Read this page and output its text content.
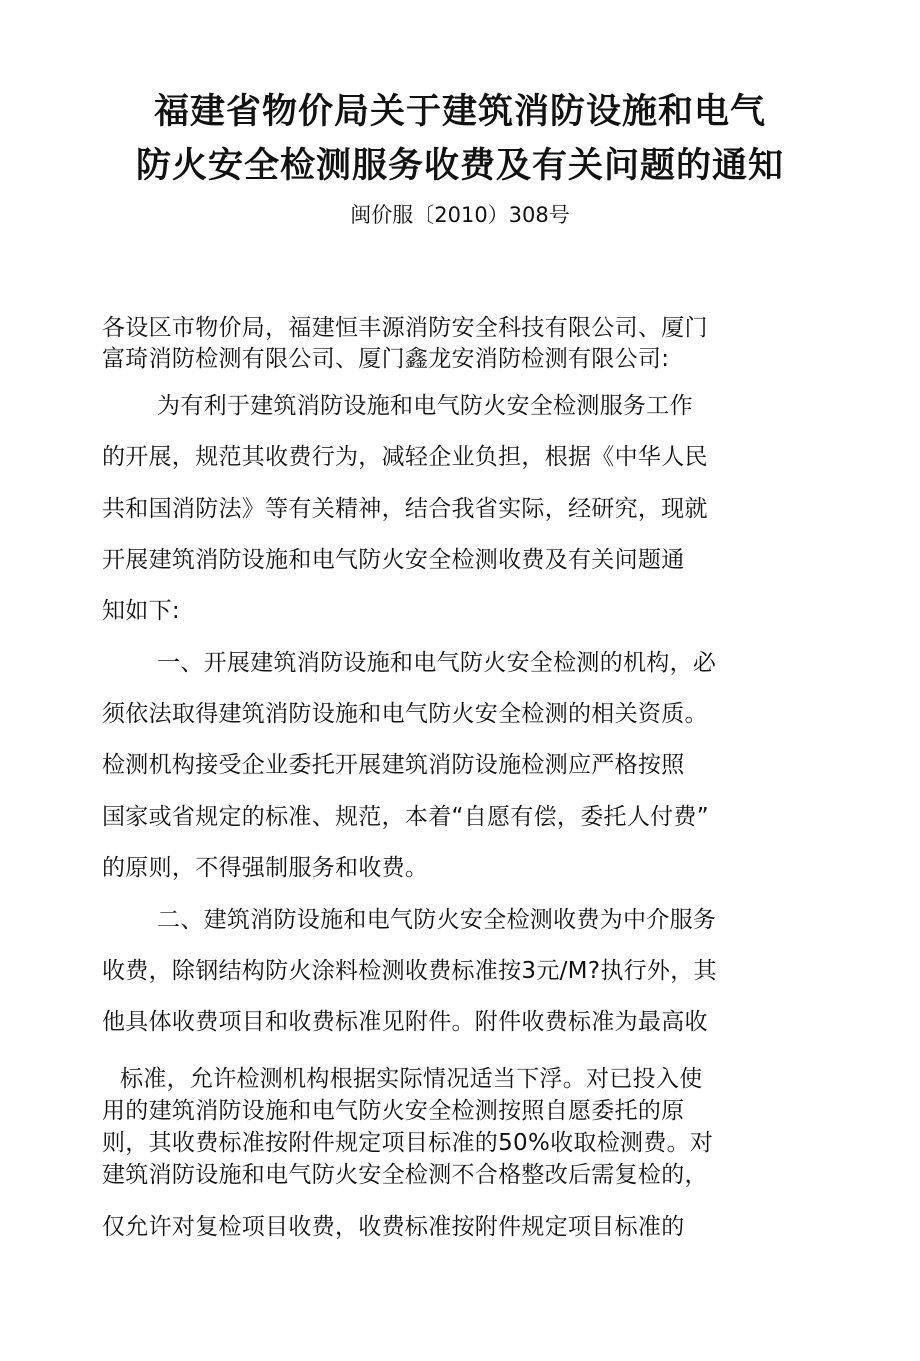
福建省物价局关于建筑消防设施和电气
防火安全检测服务收费及有关问题的通知
闽价服〔2010）308号
各设区市物价局，福建恒丰源消防安全科技有限公司、厦门
富琦消防检测有限公司、厦门鑫龙安消防检测有限公司:
为有利于建筑消防设施和电气防火安全检测服务工作
的开展，规范其收费行为，减轻企业负担，根据《中华人民
共和国消防法》等有关精神，结合我省实际，经研究，现就
开展建筑消防设施和电气防火安全检测收费及有关问题通
知如下:
一、开展建筑消防设施和电气防火安全检测的机构，必
须依法取得建筑消防设施和电气防火安全检测的相关资质。
检测机构接受企业委托开展建筑消防设施检测应严格按照
国家或省规定的标准、规范，本着“自愿有偿，委托人付费”
的原则，不得强制服务和收费。
二、建筑消防设施和电气防火安全检测收费为中介服务
收费，除钢结构防火涂料检测收费标准按3元/M?执行外，其
他具体收费项目和收费标准见附件。附件收费标准为最高收
标准，允许检测机构根据实际情况适当下浮。对已投入使
用的建筑消防设施和电气防火安全检测按照自愿委托的原
则，其收费标准按附件规定项目标准的50%收取检测费。对
建筑消防设施和电气防火安全检测不合格整改后需复检的，
仅允许对复检项目收费，收费标准按附件规定项目标准的
